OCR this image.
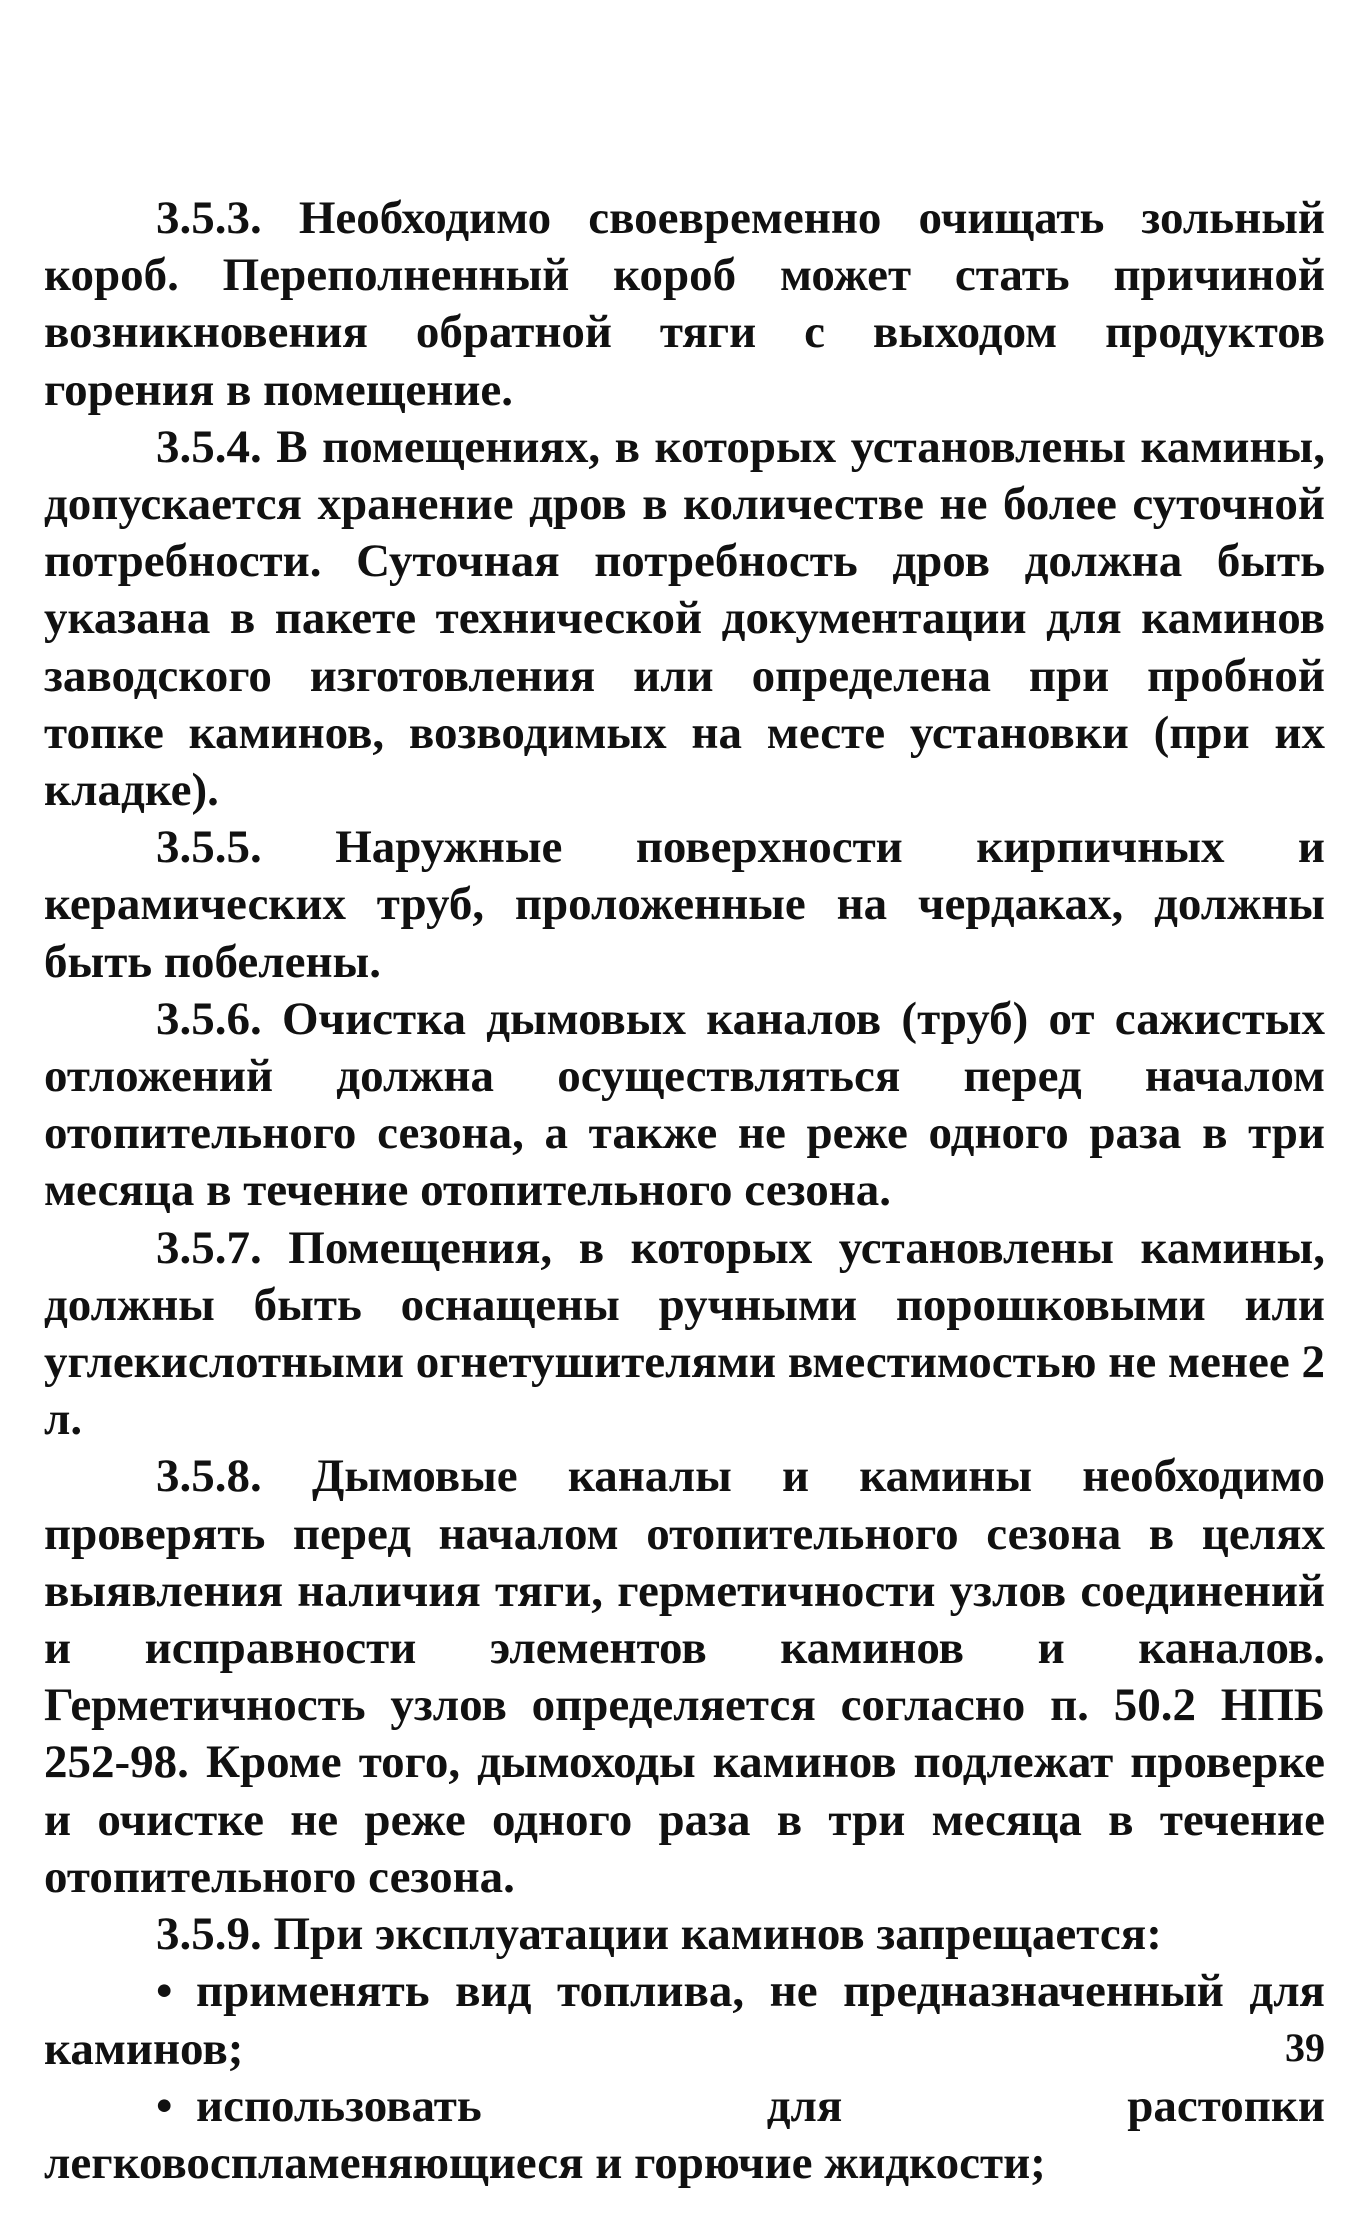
3.5.3. Необходимо своевременно очищать зольный короб. Переполненный короб может стать причиной возникновения обратной тяги с выходом продуктов горения в помещение.

3.5.4. В помещениях, в которых установлены камины, допускается хранение дров в количестве не более суточной потребности. Суточная потребность дров должна быть указана в пакете технической документации для каминов заводского изготовления или определена при пробной топке каминов, возводимых на месте установки (при их кладке).

3.5.5. Наружные поверхности кирпичных и керамических труб, проложенные на чердаках, должны быть побелены.

3.5.6. Очистка дымовых каналов (труб) от сажистых отложений должна осуществляться перед началом отопительного сезона, а также не реже одного раза в три месяца в течение отопительного сезона.

3.5.7. Помещения, в которых установлены камины, должны быть оснащены ручными порошковыми или углекислотными огнетушителями вместимостью не менее 2 л.

3.5.8. Дымовые каналы и камины необходимо проверять перед началом отопительного сезона в целях выявления наличия тяги, герметичности узлов соединений и исправности элементов каминов и каналов. Герметичность узлов определяется согласно п. 50.2 НПБ 252-98. Кроме того, дымоходы каминов подлежат проверке и очистке не реже одного раза в три месяца в течение отопительного сезона.

3.5.9. При эксплуатации каминов запрещается:

• применять вид топлива, не предназначенный для каминов;

• использовать для растопки легковоспламеняющиеся и горючие жидкости;

39
